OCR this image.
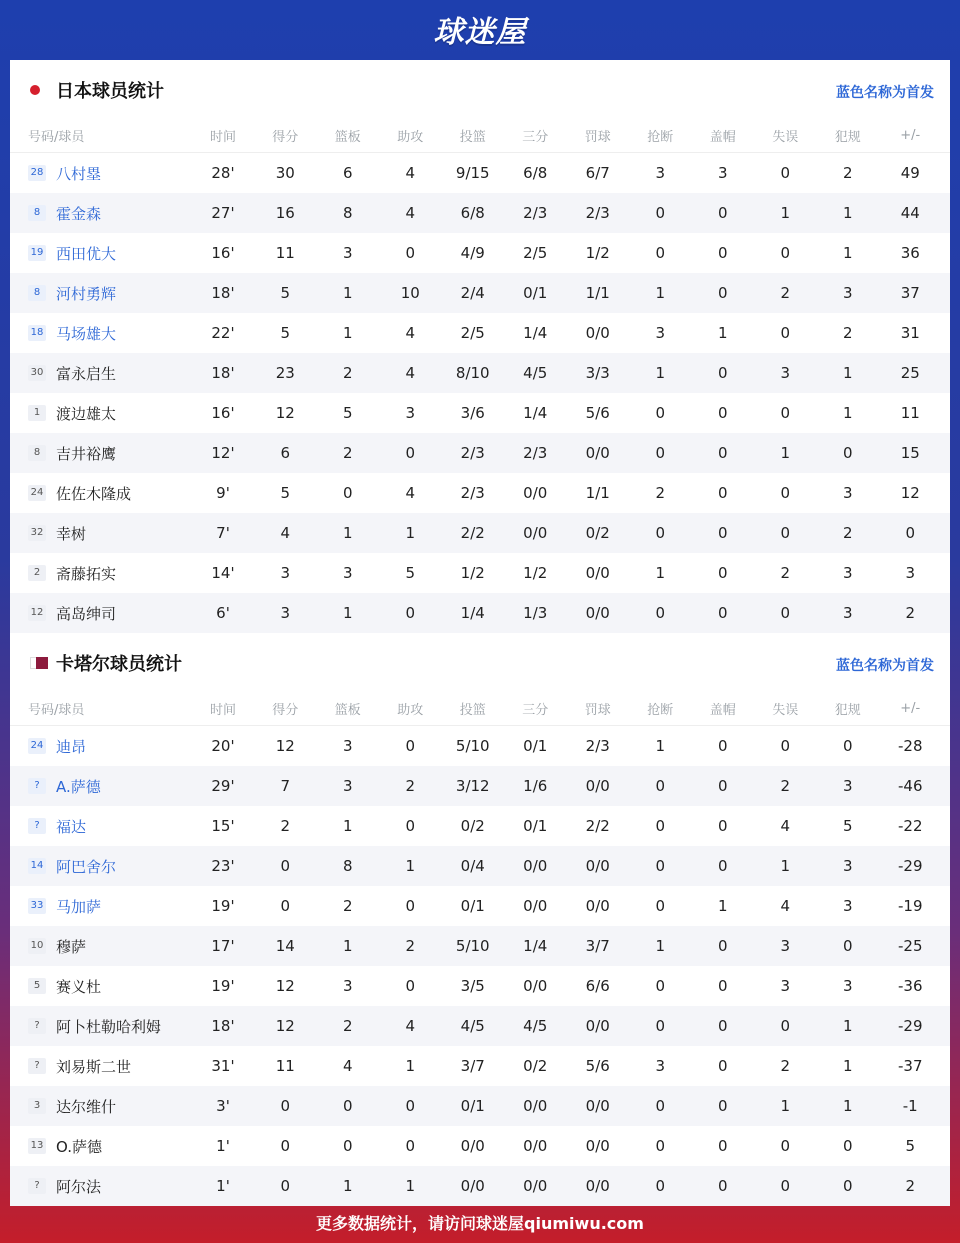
球迷屋
日本球员统计	蓝色名称为首发
号码/球员	时间	得分	篮板	助攻	投篮	三分	罚球	抢断	盖帽	失误	犯规	+/-
28 八村塁	28'	30	6	4	9/15	6/8	6/7	3	3	0	2	49
8	霍金森	27'	16	8	4	6/8	2/3	2/3	0	0	1	1	44
19 西田优大	16'	11	3	0	4/9	2/5	1/2	0	0	0	1	36
8	河村勇辉	18'	5	1	10	2/4	0/1	1/1	1	0	2	3	37
18 马场雄大	22'	5	1	4	2/5	1/4	0/0	3	1	0	2	31
30 富永启生	18'	23	2	4	8/10	4/5	3/3	1	0	3	1	25
1	渡边雄太	16'	12	5	3	3/6	1/4	5/6	0	0	0	1	11
8	吉井裕鹰	12'	6	2	0	2/3	2/3	0/0	0	0	1	0	15
24 佐佐木隆成	9'	5	0	4	2/3	0/0	1/1	2	0	0	3	12
32 幸树	7'	4	1	1	2/2	0/0	0/2	0	0	0	2	0
2	斋藤拓实	14'	3	3	5	1/2	1/2	0/0	1	0	2	3	3
12 高岛绅司	6'	3	1	0	1/4	1/3	0/0	0	0	0	3	2
卡塔尔球员统计	蓝色名称为首发
号码/球员	时间	得分	篮板	助攻	投篮	三分	罚球	抢断	盖帽	失误	犯规	+/-
24 迪昂	20'	12	3	0	5/10	0/1	2/3	1	0	0	0	-28
?	A.萨德	29'	7	3	2	3/12	1/6	0/0	0	0	2	3	-46
?	福达	15'	2	1	0	0/2	0/1	2/2	0	0	4	5	-22
14 阿巴舍尔	23'	0	8	1	0/4	0/0	0/0	0	0	1	3	-29
33 马加萨	19'	0	2	0	0/1	0/0	0/0	0	1	4	3	-19
10 穆萨	17'	14	1	2	5/10	1/4	3/7	1	0	3	0	-25
5	赛义杜	19'	12	3	0	3/5	0/0	6/6	0	0	3	3	-36
?	阿卜杜勒哈利姆	18'	12	2	4	4/5	4/5	0/0	0	0	0	1	-29
?	刘易斯二世	31'	11	4	1	3/7	0/2	5/6	3	0	2	1	-37
3	达尔维什	3'	0	0	0	0/1	0/0	0/0	0	0	1	1	-1
13 O.萨德	1'	0	0	0	0/0	0/0	0/0	0	0	0	0	5
?	阿尔法	1'	0	1	1	0/0	0/0	0/0	0	0	0	0	2
更多数据统计，请访问球迷屋qiumiwu.com
